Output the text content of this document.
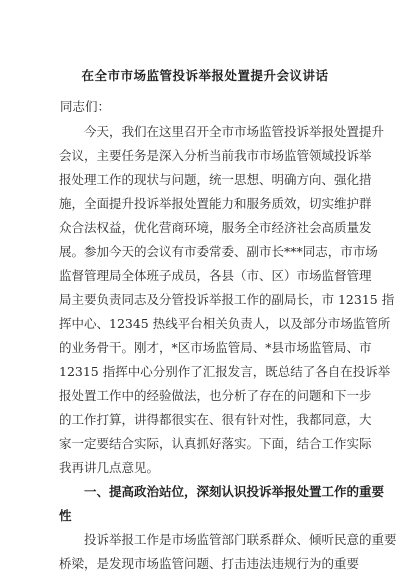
在全市市场监管投诉举报处置提升会议讲话

同志们：

今天，我们在这里召开全市市场监管投诉举报处置提升

会议，主要任务是深入分析当前我市市场监管领域投诉举

报处理工作的现状与问题，统一思想、明确方向、强化措

施，全面提升投诉举报处置能力和服务质效，切实维护群

众合法权益，优化营商环境，服务全市经济社会高质量发

展。参加今天的会议有市委常委、副市长***同志，市市场

监督管理局全体班子成员，各县（市、区）市场监督管理

局主要负责同志及分管投诉举报工作的副局长，市 12315 指

挥中心、12345 热线平台相关负责人，以及部分市场监管所

的业务骨干。刚才，*区市场监管局、*县市场监管局、市

12315 指挥中心分别作了汇报发言，既总结了各自在投诉举

报处置工作中的经验做法，也分析了存在的问题和下一步

的工作打算，讲得都很实在、很有针对性，我都同意，大

家一定要结合实际，认真抓好落实。下面，结合工作实际

我再讲几点意见。

一、提高政治站位，深刻认识投诉举报处置工作的重要

性

投诉举报工作是市场监管部门联系群众、倾听民意的重要

桥梁，是发现市场监管问题、打击违法违规行为的重要
